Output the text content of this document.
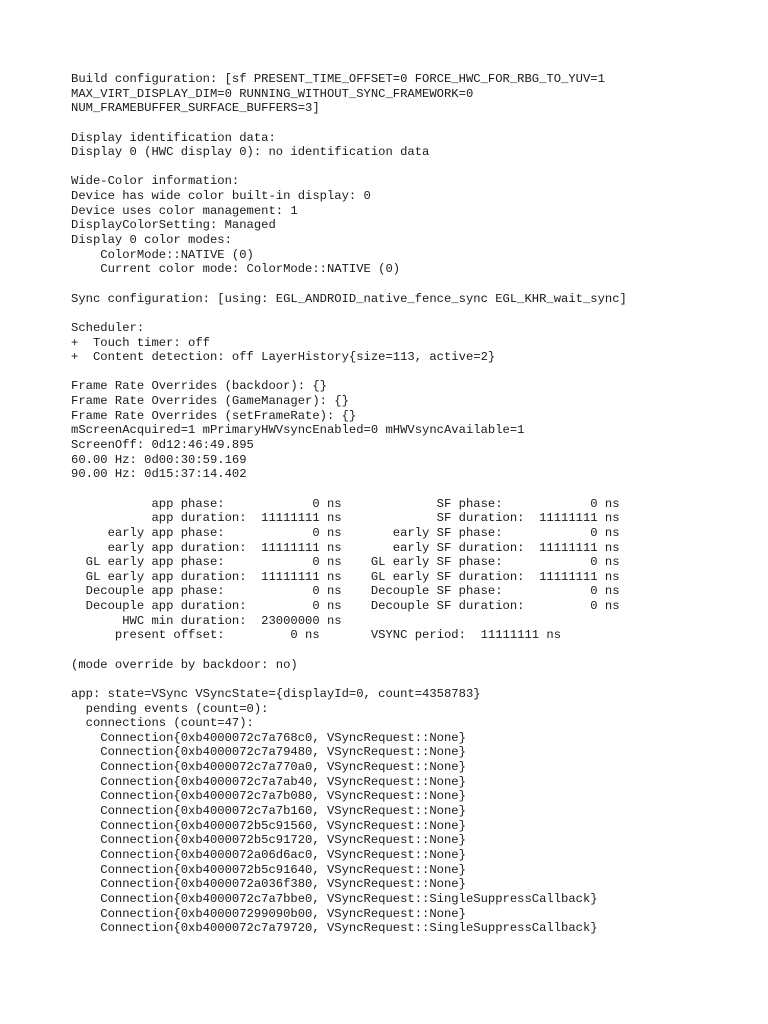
Build configuration: [sf PRESENT_TIME_OFFSET=0 FORCE_HWC_FOR_RBG_TO_YUV=1
MAX_VIRT_DISPLAY_DIM=0 RUNNING_WITHOUT_SYNC_FRAMEWORK=0
NUM_FRAMEBUFFER_SURFACE_BUFFERS=3]
Display identification data:
Display 0 (HWC display 0): no identification data
Wide-Color information:
Device has wide color built-in display: 0
Device uses color management: 1
DisplayColorSetting: Managed
Display 0 color modes:
ColorMode::NATIVE (0)
Current color mode: ColorMode::NATIVE (0)
Sync configuration: [using: EGL_ANDROID_native_fence_sync EGL_KHR_wait_sync]
Scheduler:
+  Touch timer: off
+  Content detection: off LayerHistory{size=113, active=2}
Frame Rate Overrides (backdoor): {}
Frame Rate Overrides (GameManager): {}
Frame Rate Overrides (setFrameRate): {}
mScreenAcquired=1 mPrimaryHWVsyncEnabled=0 mHWVsyncAvailable=1
ScreenOff: 0d12:46:49.895
60.00 Hz: 0d00:30:59.169
90.00 Hz: 0d15:37:14.402
app phase:            0 ns             SF phase:            0 ns
app duration:  11111111 ns             SF duration:  11111111 ns
early app phase:            0 ns       early SF phase:            0 ns
early app duration:  11111111 ns       early SF duration:  11111111 ns
GL early app phase:            0 ns    GL early SF phase:            0 ns
GL early app duration:  11111111 ns    GL early SF duration:  11111111 ns
Decouple app phase:            0 ns    Decouple SF phase:            0 ns
Decouple app duration:         0 ns    Decouple SF duration:         0 ns
HWC min duration:  23000000 ns
present offset:         0 ns       VSYNC period:  11111111 ns
(mode override by backdoor: no)
app: state=VSync VSyncState={displayId=0, count=4358783}
pending events (count=0):
connections (count=47):
Connection{0xb4000072c7a768c0, VSyncRequest::None}
Connection{0xb4000072c7a79480, VSyncRequest::None}
Connection{0xb4000072c7a770a0, VSyncRequest::None}
Connection{0xb4000072c7a7ab40, VSyncRequest::None}
Connection{0xb4000072c7a7b080, VSyncRequest::None}
Connection{0xb4000072c7a7b160, VSyncRequest::None}
Connection{0xb4000072b5c91560, VSyncRequest::None}
Connection{0xb4000072b5c91720, VSyncRequest::None}
Connection{0xb4000072a06d6ac0, VSyncRequest::None}
Connection{0xb4000072b5c91640, VSyncRequest::None}
Connection{0xb4000072a036f380, VSyncRequest::None}
Connection{0xb4000072c7a7bbe0, VSyncRequest::SingleSuppressCallback}
Connection{0xb400007299090b00, VSyncRequest::None}
Connection{0xb4000072c7a79720, VSyncRequest::SingleSuppressCallback}
